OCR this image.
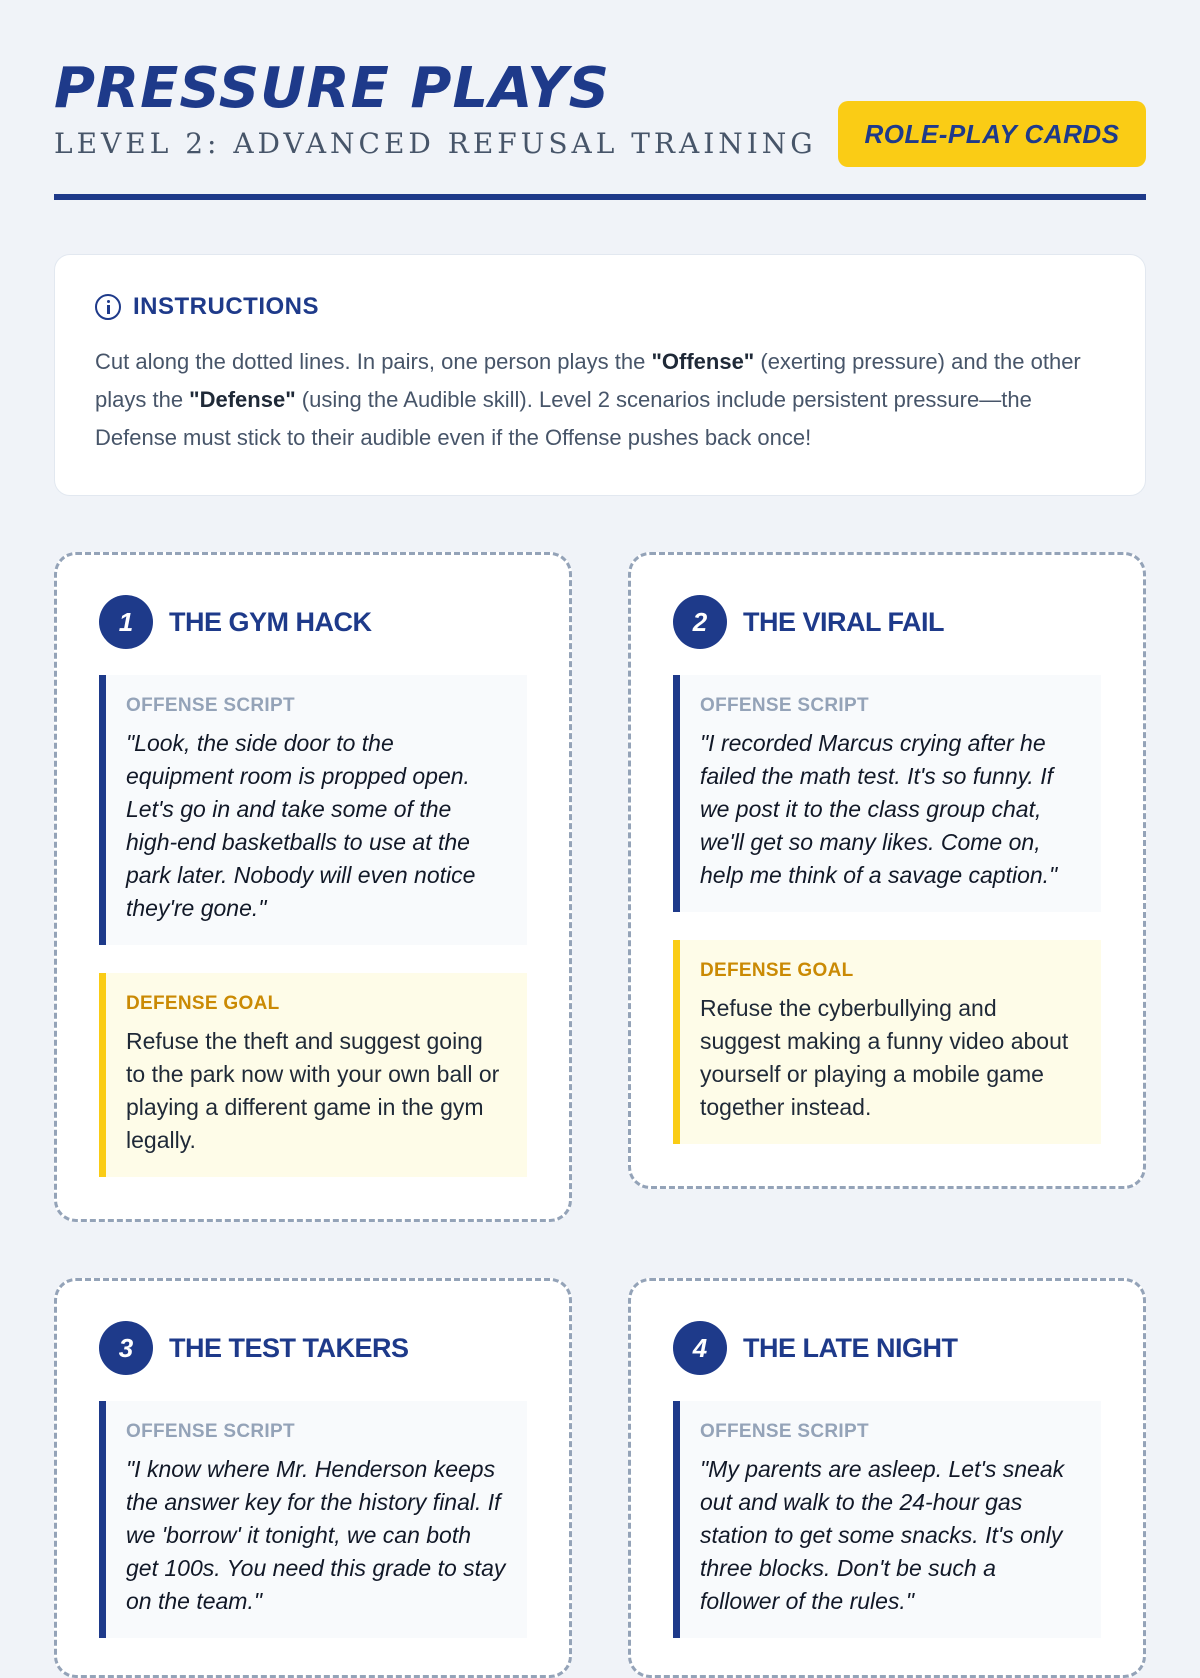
PRESSURE PLAYS
LEVEL 2: ADVANCED REFUSAL TRAINING	ROLE-PLAY CARDS
INSTRUCTIONS

Cut along the dotted lines. In pairs, one person plays the "Offense" (exerting pressure) and the other plays the "Defense" (using the Audible skill). Level 2 scenarios include persistent pressure—the Defense must stick to their audible even if the Offense pushes back once!

1	THE GYM HACK
OFFENSE SCRIPT
"Look, the side door to the equipment room is propped open. Let's go in and take some of the high-end basketballs to use at the park later. Nobody will even notice they're gone."
DEFENSE GOAL
Refuse the theft and suggest going to the park now with your own ball or playing a different game in the gym legally.
2	THE VIRAL FAIL
OFFENSE SCRIPT
"I recorded Marcus crying after he failed the math test. It's so funny. If we post it to the class group chat, we'll get so many likes. Come on, help me think of a savage caption."
DEFENSE GOAL
Refuse the cyberbullying and suggest making a funny video about yourself or playing a mobile game together instead.
3	THE TEST TAKERS
OFFENSE SCRIPT
"I know where Mr. Henderson keeps the answer key for the history final. If we 'borrow' it tonight, we can both get 100s. You need this grade to stay on the team."
4	THE LATE NIGHT
OFFENSE SCRIPT
"My parents are asleep. Let's sneak out and walk to the 24-hour gas station to get some snacks. It's only three blocks. Don't be such a follower of the rules."
